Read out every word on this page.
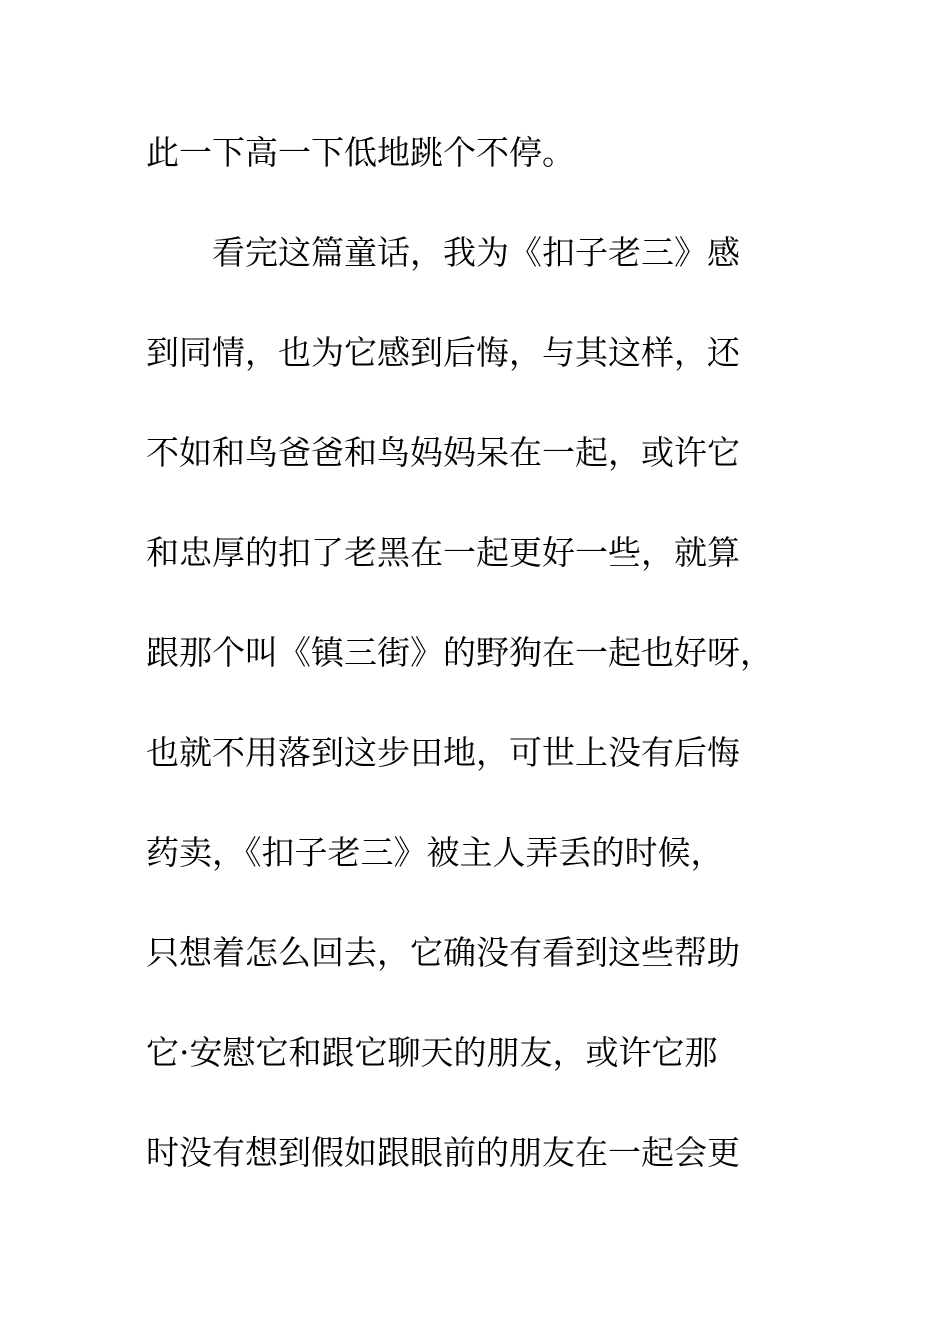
此一下高一下低地跳个不停。
看完这篇童话，我为《扣子老三》感
到同情，也为它感到后悔，与其这样，还
不如和鸟爸爸和鸟妈妈呆在一起，或许它
和忠厚的扣了老黑在一起更好一些，就算
跟那个叫《镇三街》的野狗在一起也好呀，
也就不用落到这步田地，可世上没有后悔
药卖，《扣子老三》被主人弄丢的时候，
只想着怎么回去，它确没有看到这些帮助
它·安慰它和跟它聊天的朋友，或许它那
时没有想到假如跟眼前的朋友在一起会更
